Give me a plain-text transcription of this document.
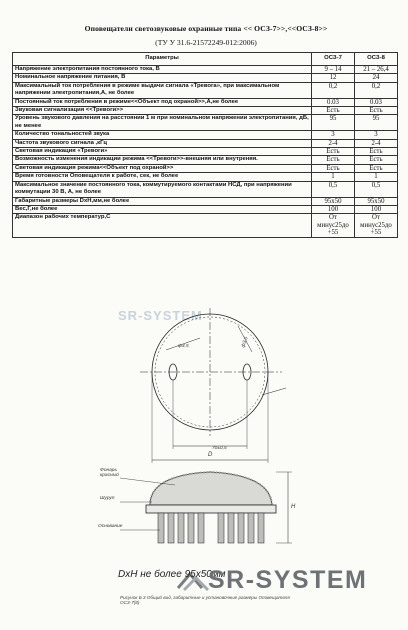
Оповещатели светозвуковые охранные типа << ОСЗ-7>>,<<ОСЗ-8>>
(ТУ У 31.6-21572249-012:2006)
Параметры	ОСЗ-7	ОСЗ-8
Напряжение электропитания постоянного тока, В	9 – 14	21 – 26,4
Номинальное напряжение питания, В	12	24
Максимальный ток потребления в режиме выдачи сигнала «Тревога», при максимальном напряжении электропитания,А, не более	0,2	0,2
Постоянный ток потребления в режиме<<Объект под охраной>>,А,не более	0.03	0.03
Звуковая сигнализация <<Тревоги>>	Есть	Есть
Уровень звукового давления на расстоянии 1 м при номинальном напряжении электропитания, дБ, не менее	95	95
Количество тональностей звука	3	3
Частота звукового сигнала ,кГц	2-4	2-4
Световая индикация «Тревоги»	Есть	Есть
Возможность изменения индикации режима <<Тревоги>>-внешняя или внутреняя.	Есть	Есть
Световая индикация режима<<Объект под охраной>>	Есть	Есть
Время готовности Оповещателя к работе, сек, не более	1	1
Максимальное значение постоянного тока, коммутируемого контактами НСД, при напряжении коммутации 30 В, А, не более	0,5	0,5
Габаритные размеры DxH,мм,не более	95х50	95х50
Вес,Г,не более	100	100
Диапазон рабочих температур,С	От минус25до +55	От минус25до +55
SR-SYSTEM
70±0,5
D
H
ф4,5	ф3,5
Фонарь красный
Шуруп
Основание
DxH не более 95х50мм
SR-SYSTEM
Рисунок Б.3 Общий вид, габаритные и установочные размеры Оповещателя ОСЗ-7(8)
